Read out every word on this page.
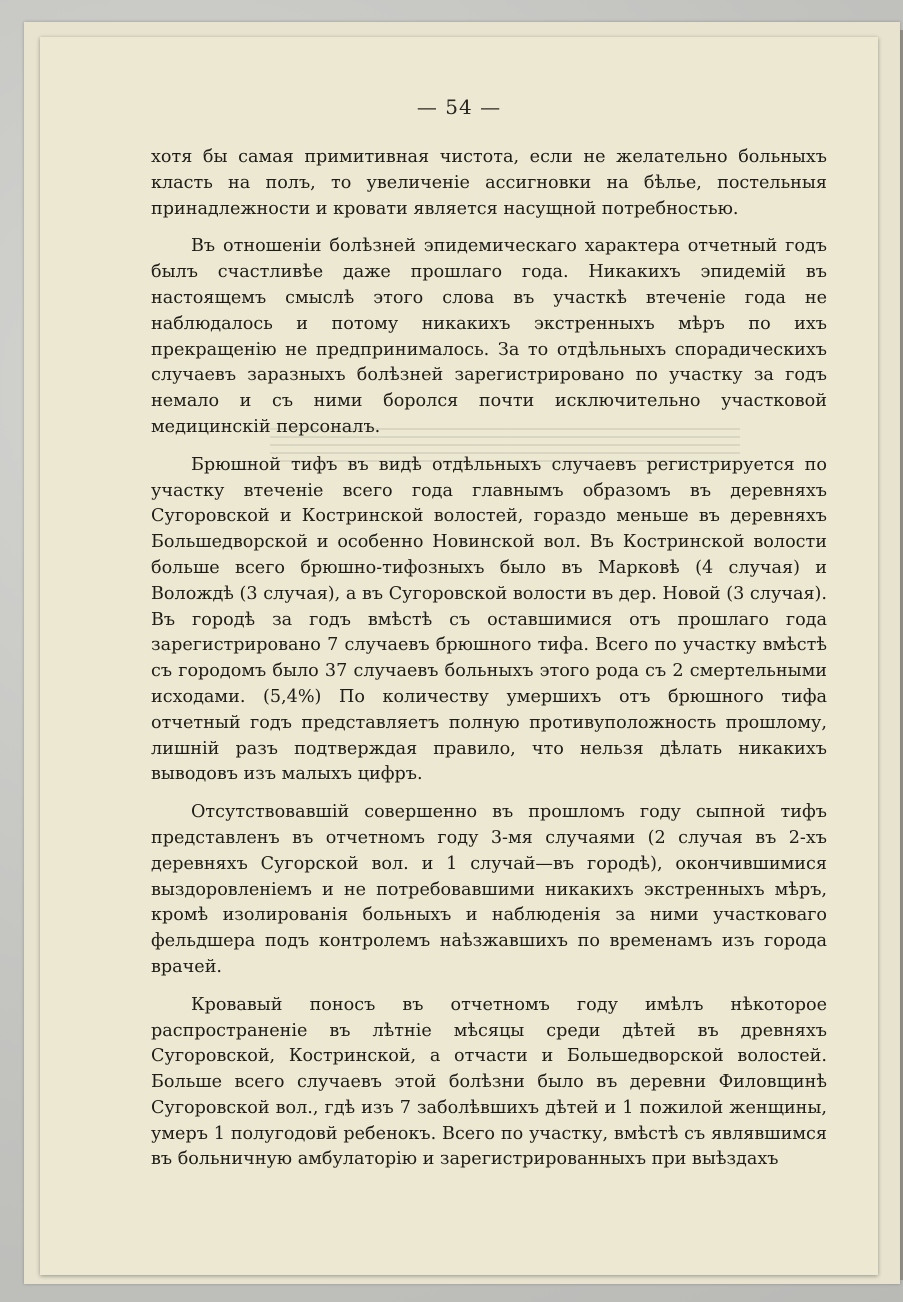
— 54 —

хотя бы самая примитивная чистота, если не желательно больныхъ класть на полъ, то увеличенiе ассигновки на бѣлье, постельныя принадлежности и кровати является насущной потребностью.

Въ отношенiи болѣзней эпидемическаго характера отчетный годъ былъ счастливѣе даже прошлаго года. Никакихъ эпидемiй въ настоящемъ смыслѣ этого слова въ участкѣ втеченiе года не наблюдалось и потому никакихъ экстренныхъ мѣръ по ихъ прекращенiю не предпринималось. За то отдѣльныхъ спорадическихъ случаевъ заразныхъ болѣзней зарегистрировано по участку за годъ немало и съ ними боролся почти исключительно участковой медицинскiй персоналъ.

Брюшной тифъ въ видѣ отдѣльныхъ случаевъ регистрируется по участку втеченiе всего года главнымъ образомъ въ деревняхъ Сугоровской и Костринской волостей, гораздо меньше въ деревняхъ Большедворской и особенно Новинской вол. Въ Костринской волости больше всего брюшно-тифозныхъ было въ Марковѣ (4 случая) и Волождѣ (3 случая), а въ Сугоровской волости въ дер. Новой (3 случая). Въ городѣ за годъ вмѣстѣ съ оставшимися отъ прошлаго года зарегистрировано 7 случаевъ брюшного тифа. Всего по участку вмѣстѣ съ городомъ было 37 случаевъ больныхъ этого рода съ 2 смертельными исходами. (5,4%) По количеству умершихъ отъ брюшного тифа отчетный годъ представляетъ полную противуположность прошлому, лишнiй разъ подтверждая правило, что нельзя дѣлать никакихъ выводовъ изъ малыхъ цифръ.

Отсутствовавшiй совершенно въ прошломъ году сыпной тифъ представленъ въ отчетномъ году 3-мя случаями (2 случая въ 2-хъ деревняхъ Сугорской вол. и 1 случай—въ городѣ), окончившимися выздоровленiемъ и не потребовавшими никакихъ экстренныхъ мѣръ, кромѣ изолированiя больныхъ и наблюденiя за ними участковаго фельдшера подъ контролемъ наѣзжавшихъ по временамъ изъ города врачей.

Кровавый поносъ въ отчетномъ году имѣлъ нѣкоторое распространенiе въ лѣтнiе мѣсяцы среди дѣтей въ древняхъ Сугоровской, Костринской, а отчасти и Большедворской волостей. Больше всего случаевъ этой болѣзни было въ деревни Филовщинѣ Сугоровской вол., гдѣ изъ 7 заболѣвшихъ дѣтей и 1 пожилой женщины, умеръ 1 полугодовй ребенокъ. Всего по участку, вмѣстѣ съ являвшимся въ больничную амбулаторiю и зарегистрированныхъ при выѣздахъ
